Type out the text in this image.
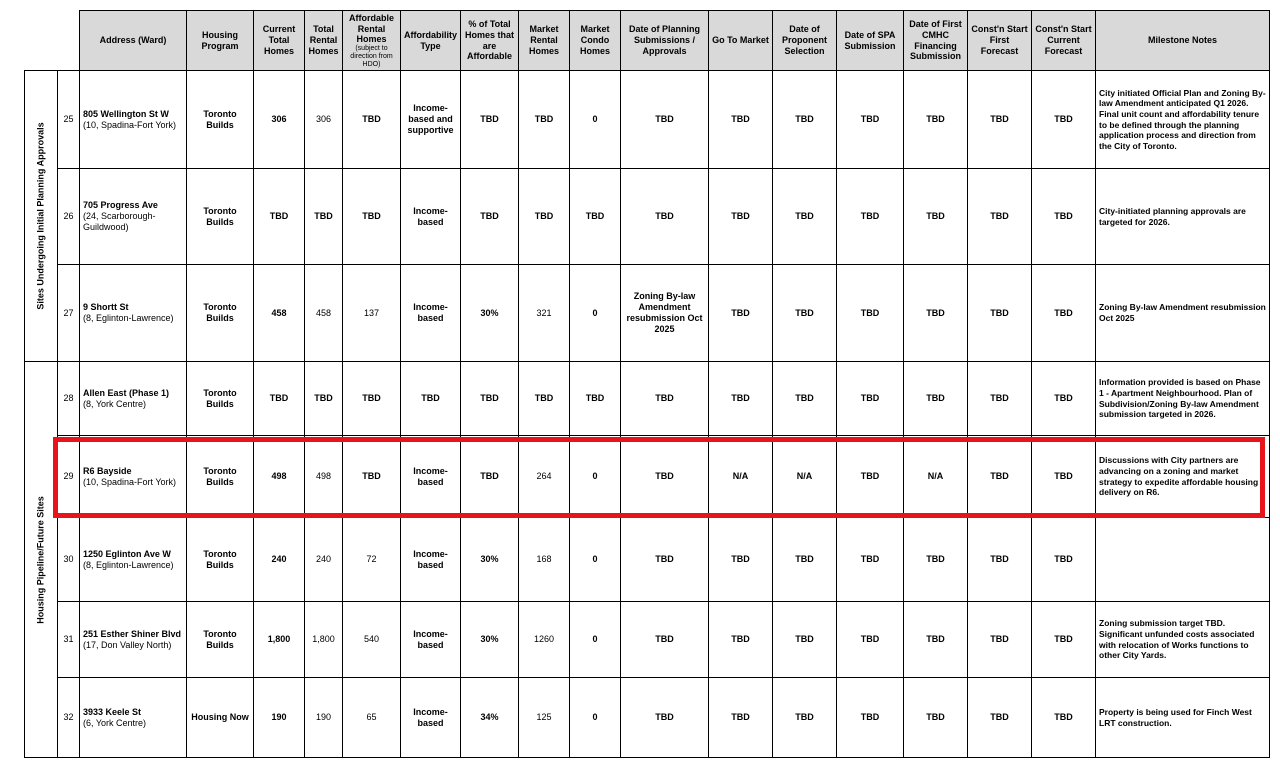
		Address (Ward)	Housing Program	Current Total Homes	Total Rental Homes	Affordable Rental Homes
(subject to direction from HDO)	Affordability Type	% of Total Homes that are Affordable	Market Rental Homes	Market Condo Homes	Date of Planning Submissions / Approvals	Go To Market	Date of Proponent Selection	Date of SPA Submission	Date of First CMHC Financing Submission	Const'n Start First Forecast	Const'n Start Current Forecast	Milestone Notes

Sites Undergoing Initial Planning Approvals	25	805 Wellington St W
(10, Spadina-Fort York)	Toronto Builds	306	306	TBD	Income-based and supportive	TBD	TBD	0	TBD	TBD	TBD	TBD	TBD	TBD	TBD	City initiated Official Plan and Zoning By-law Amendment anticipated Q1 2026. Final unit count and affordability tenure to be defined through the planning application process and direction from the City of Toronto.
	26	705 Progress Ave
(24, Scarborough-Guildwood)	Toronto Builds	TBD	TBD	TBD	Income-based	TBD	TBD	TBD	TBD	TBD	TBD	TBD	TBD	TBD	TBD	City-initiated planning approvals are targeted for 2026.
	27	9 Shortt St
(8, Eglinton-Lawrence)	Toronto Builds	458	458	137	Income-based	30%	321	0	Zoning By-law Amendment resubmission Oct 2025	TBD	TBD	TBD	TBD	TBD	TBD	Zoning By-law Amendment resubmission Oct 2025

Housing Pipeline/Future Sites	28	Allen East (Phase 1)
(8, York Centre)	Toronto Builds	TBD	TBD	TBD	TBD	TBD	TBD	TBD	TBD	TBD	TBD	TBD	TBD	TBD	TBD	Information provided is based on Phase 1 - Apartment Neighbourhood. Plan of Subdivision/Zoning By-law Amendment submission targeted in 2026.
	29	R6 Bayside
(10, Spadina-Fort York)	Toronto Builds	498	498	TBD	Income-based	TBD	264	0	TBD	N/A	N/A	TBD	N/A	TBD	TBD	Discussions with City partners are advancing on a zoning and market strategy to expedite affordable housing delivery on R6.
	30	1250 Eglinton Ave W
(8, Eglinton-Lawrence)	Toronto Builds	240	240	72	Income-based	30%	168	0	TBD	TBD	TBD	TBD	TBD	TBD	TBD	
	31	251 Esther Shiner Blvd
(17, Don Valley North)	Toronto Builds	1,800	1,800	540	Income-based	30%	1260	0	TBD	TBD	TBD	TBD	TBD	TBD	TBD	Zoning submission target TBD. Significant unfunded costs associated with relocation of Works functions to other City Yards.
	32	3933 Keele St
(6, York Centre)	Housing Now	190	190	65	Income-based	34%	125	0	TBD	TBD	TBD	TBD	TBD	TBD	TBD	Property is being used for Finch West LRT construction.
